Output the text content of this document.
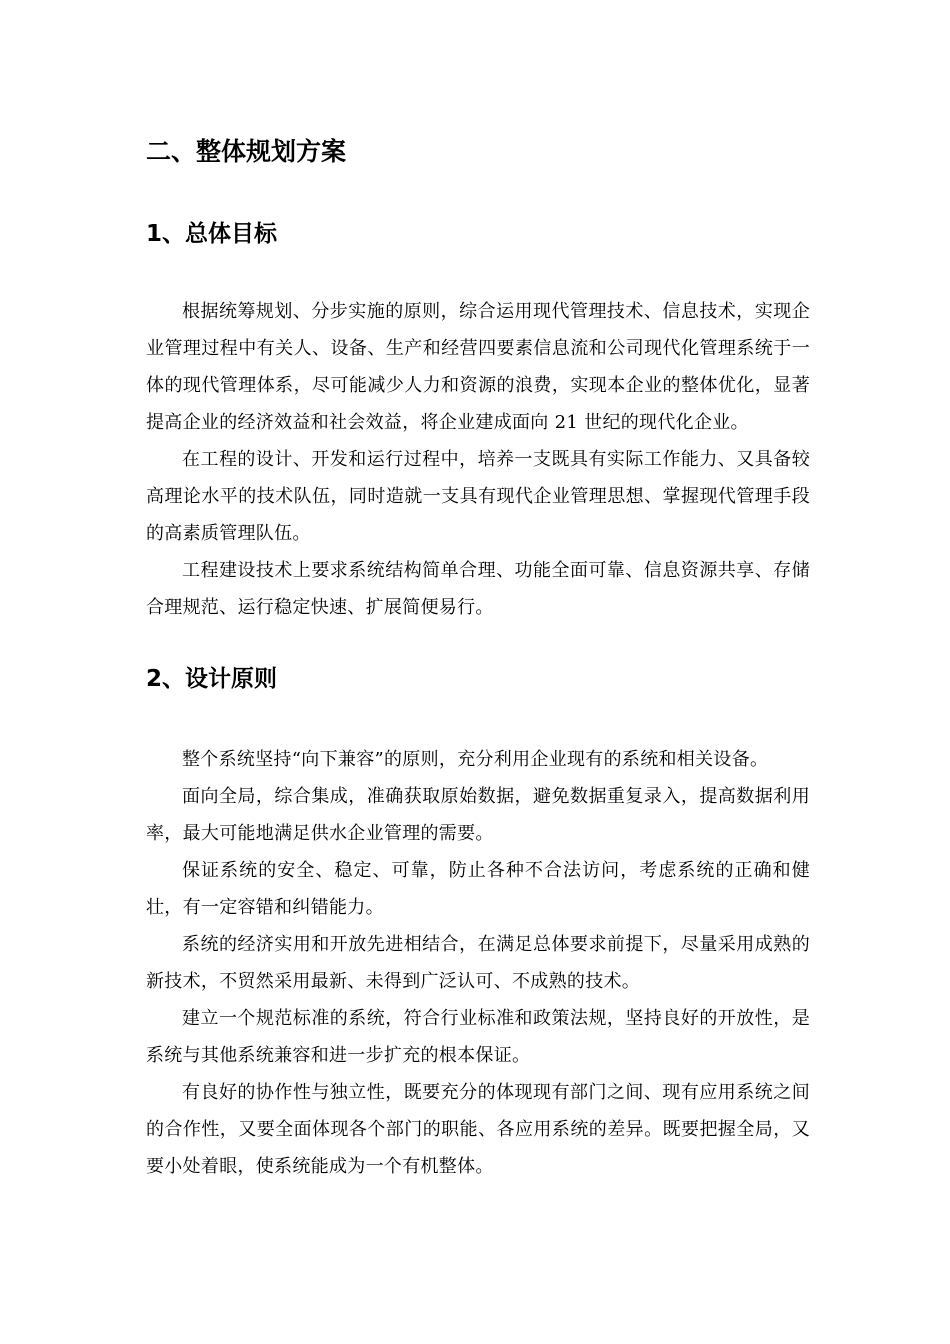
二、整体规划方案
1、总体目标

根据统筹规划、分步实施的原则，综合运用现代管理技术、信息技术，实现企业管理过程中有关人、设备、生产和经营四要素信息流和公司现代化管理系统于一体的现代管理体系，尽可能减少人力和资源的浪费，实现本企业的整体优化，显著提高企业的经济效益和社会效益，将企业建成面向 21 世纪的现代化企业。

在工程的设计、开发和运行过程中，培养一支既具有实际工作能力、又具备较高理论水平的技术队伍，同时造就一支具有现代企业管理思想、掌握现代管理手段的高素质管理队伍。

工程建设技术上要求系统结构简单合理、功能全面可靠、信息资源共享、存储合理规范、运行稳定快速、扩展简便易行。

2、设计原则

整个系统坚持“向下兼容”的原则，充分利用企业现有的系统和相关设备。

面向全局，综合集成，准确获取原始数据，避免数据重复录入，提高数据利用率，最大可能地满足供水企业管理的需要。

保证系统的安全、稳定、可靠，防止各种不合法访问，考虑系统的正确和健壮，有一定容错和纠错能力。

系统的经济实用和开放先进相结合，在满足总体要求前提下，尽量采用成熟的新技术，不贸然采用最新、未得到广泛认可、不成熟的技术。

建立一个规范标准的系统，符合行业标准和政策法规，坚持良好的开放性，是系统与其他系统兼容和进一步扩充的根本保证。

有良好的协作性与独立性，既要充分的体现现有部门之间、现有应用系统之间的合作性，又要全面体现各个部门的职能、各应用系统的差异。既要把握全局，又要小处着眼，使系统能成为一个有机整体。
